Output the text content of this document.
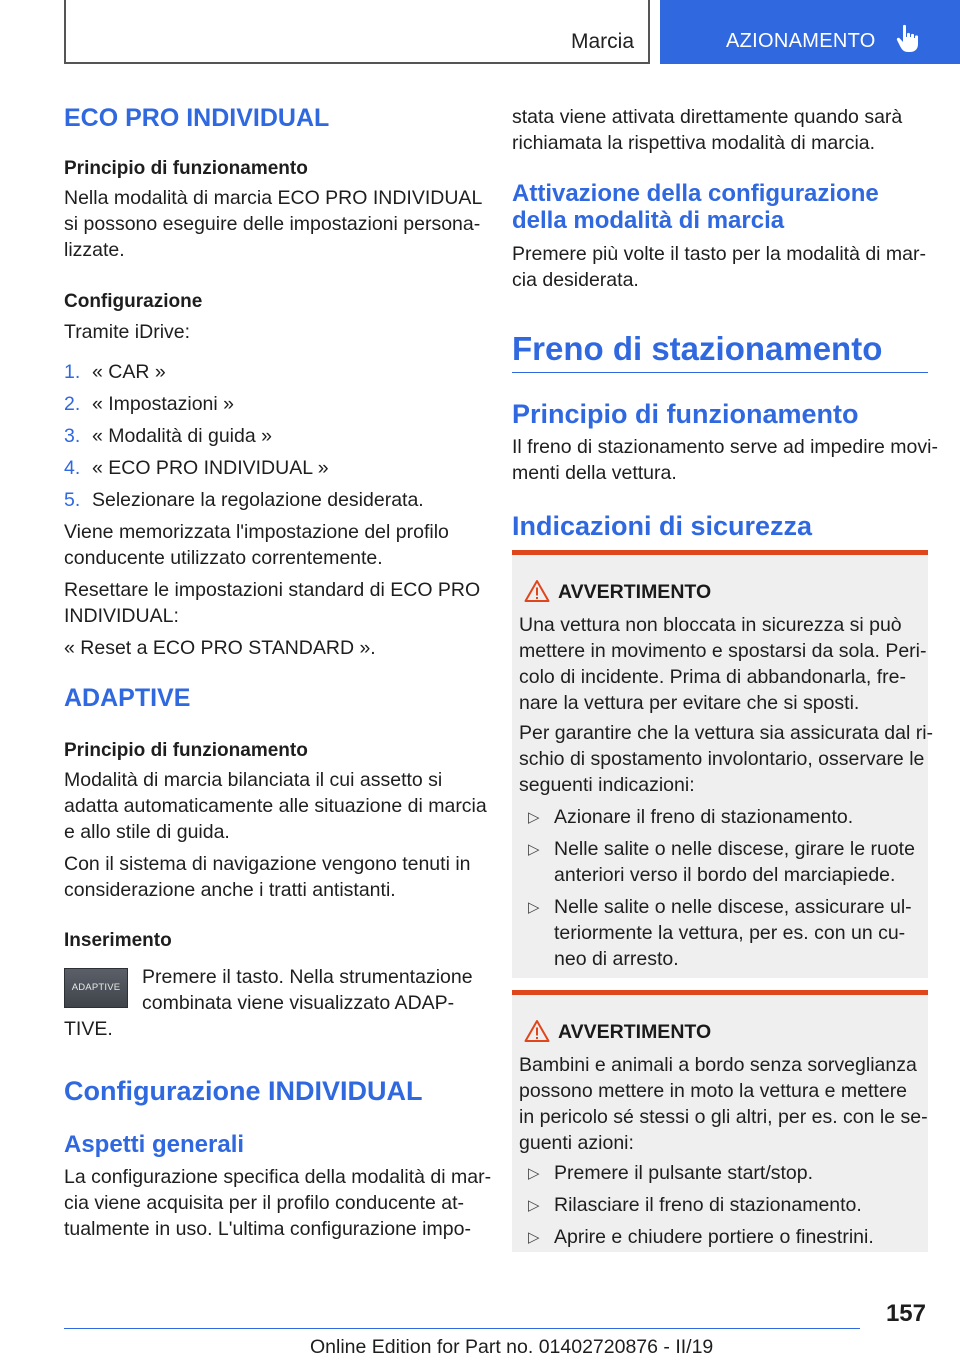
Marcia	AZIONAMENTO
ECO PRO INDIVIDUAL
Principio di funzionamento
Nella modalità di marcia ECO PRO INDIVIDUAL
si possono eseguire delle impostazioni persona-
lizzate.
Configurazione
Tramite iDrive:
1. « CAR »
2. « Impostazioni »
3. « Modalità di guida »
4. « ECO PRO INDIVIDUAL »
5. Selezionare la regolazione desiderata.
Viene memorizzata l'impostazione del profilo
conducente utilizzato correntemente.
Resettare le impostazioni standard di ECO PRO
INDIVIDUAL:
« Reset a ECO PRO STANDARD ».
ADAPTIVE
Principio di funzionamento
Modalità di marcia bilanciata il cui assetto si
adatta automaticamente alle situazione di marcia
e allo stile di guida.
Con il sistema di navigazione vengono tenuti in
considerazione anche i tratti antistanti.
Inserimento
ADAPTIVE	Premere il tasto. Nella strumentazione
combinata viene visualizzato ADAP-
TIVE.
Configurazione INDIVIDUAL
Aspetti generali
La configurazione specifica della modalità di mar-
cia viene acquisita per il profilo conducente at-
tualmente in uso. L'ultima configurazione impo-
stata viene attivata direttamente quando sarà
richiamata la rispettiva modalità di marcia.
Attivazione della configurazione
della modalità di marcia
Premere più volte il tasto per la modalità di mar-
cia desiderata.
Freno di stazionamento
Principio di funzionamento
Il freno di stazionamento serve ad impedire movi-
menti della vettura.
Indicazioni di sicurezza
AVVERTIMENTO
Una vettura non bloccata in sicurezza si può
mettere in movimento e spostarsi da sola. Peri-
colo di incidente. Prima di abbandonarla, fre-
nare la vettura per evitare che si sposti.
Per garantire che la vettura sia assicurata dal ri-
schio di spostamento involontario, osservare le
seguenti indicazioni:
▷ Azionare il freno di stazionamento.
▷ Nelle salite o nelle discese, girare le ruote
anteriori verso il bordo del marciapiede.
▷ Nelle salite o nelle discese, assicurare ul-
teriormente la vettura, per es. con un cu-
neo di arresto.
AVVERTIMENTO
Bambini e animali a bordo senza sorveglianza
possono mettere in moto la vettura e mettere
in pericolo sé stessi o gli altri, per es. con le se-
guenti azioni:
▷ Premere il pulsante start/stop.
▷ Rilasciare il freno di stazionamento.
▷ Aprire e chiudere portiere o finestrini.
157
Online Edition for Part no. 01402720876 - II/19
